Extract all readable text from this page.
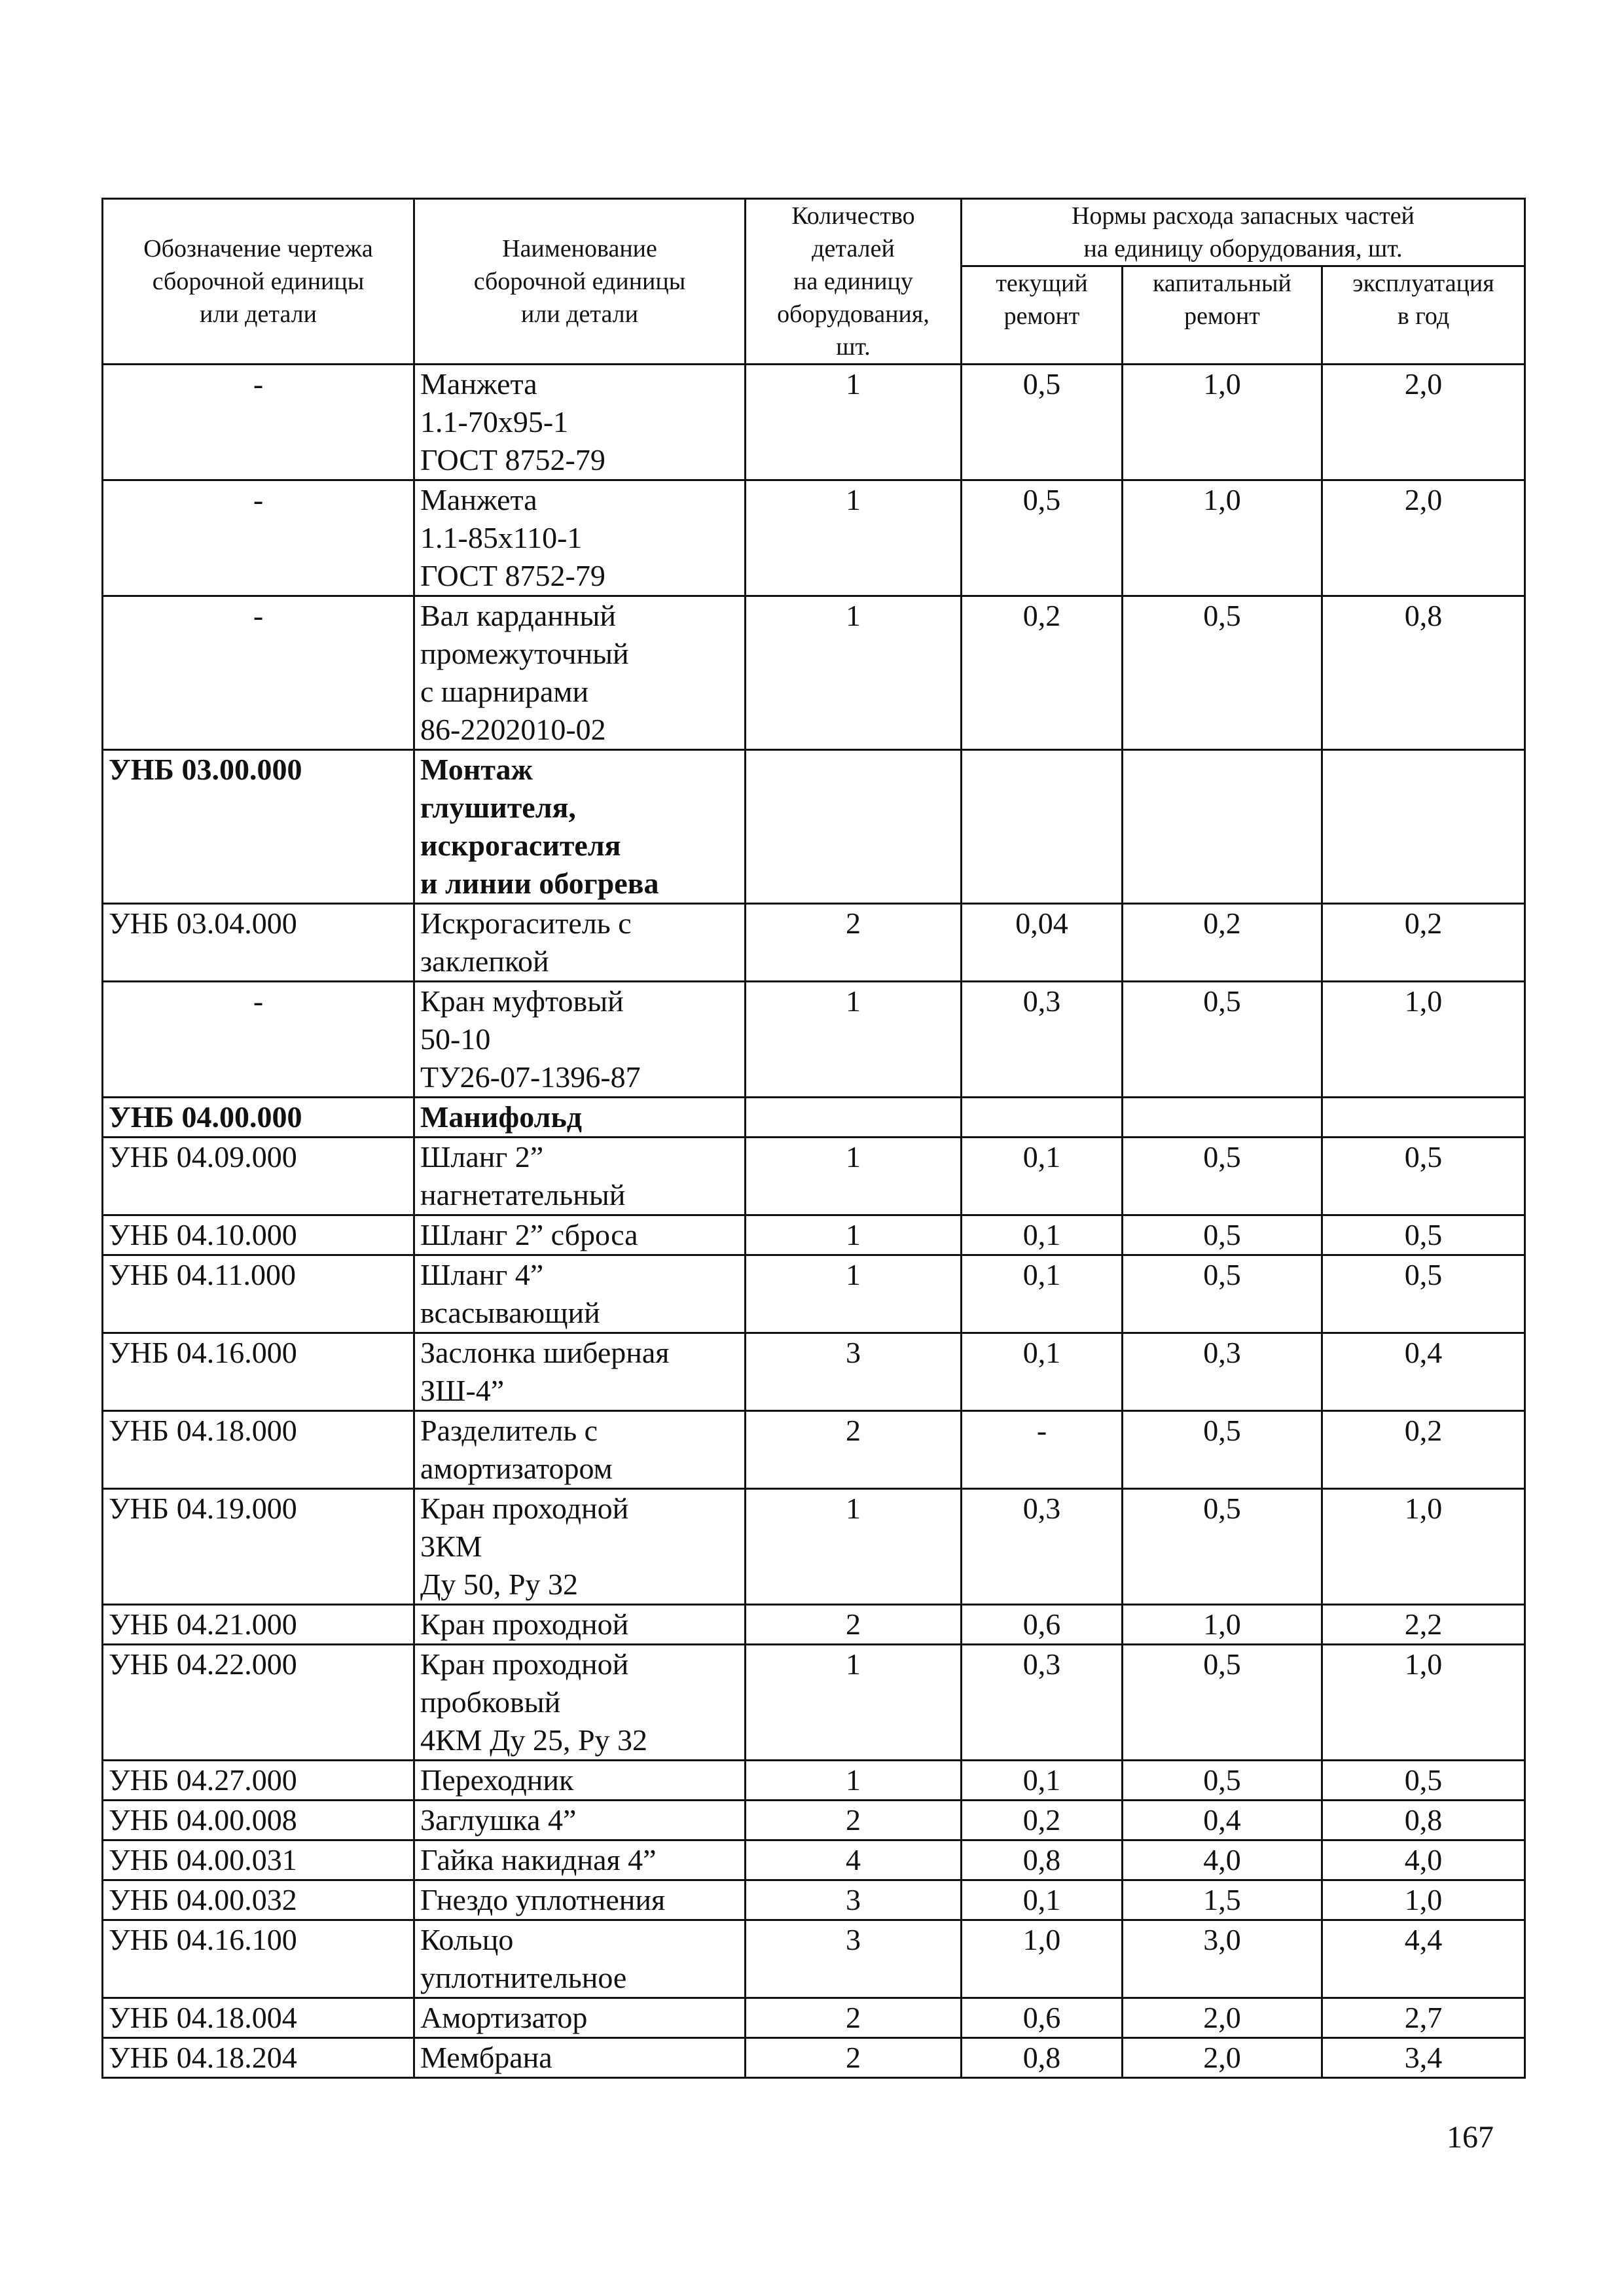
Обозначение чертежа
сборочной единицы
или детали	Наименование
сборочной единицы
или детали	Количество
деталей
на единицу
оборудования,
шт.	Нормы расхода запасных частей
на единицу оборудования, шт.		
			текущий
ремонт	капитальный
ремонт	эксплуатация
в год
-	Манжета
1.1-70х95-1
ГОСТ 8752-79	1	0,5	1,0	2,0
-	Манжета
1.1-85х110-1
ГОСТ 8752-79	1	0,5	1,0	2,0
-	Вал карданный
промежуточный
с шарнирами
86-2202010-02	1	0,2	0,5	0,8
УНБ 03.00.000	Монтаж
глушителя,
искрогасителя
и линии обогрева				
УНБ 03.04.000	Искрогаситель с
заклепкой	2	0,04	0,2	0,2
-	Кран муфтовый
50-10
ТУ26-07-1396-87	1	0,3	0,5	1,0
УНБ 04.00.000	Манифольд				
УНБ 04.09.000	Шланг 2”
нагнетательный	1	0,1	0,5	0,5
УНБ 04.10.000	Шланг 2” сброса	1	0,1	0,5	0,5
УНБ 04.11.000	Шланг 4”
всасывающий	1	0,1	0,5	0,5
УНБ 04.16.000	Заслонка шиберная
ЗШ-4”	3	0,1	0,3	0,4
УНБ 04.18.000	Разделитель с
амортизатором	2	-	0,5	0,2
УНБ 04.19.000	Кран проходной
3КМ
Ду 50, Ру 32	1	0,3	0,5	1,0
УНБ 04.21.000	Кран проходной	2	0,6	1,0	2,2
УНБ 04.22.000	Кран проходной
пробковый
4КМ Ду 25, Ру 32	1	0,3	0,5	1,0
УНБ 04.27.000	Переходник	1	0,1	0,5	0,5
УНБ 04.00.008	Заглушка 4”	2	0,2	0,4	0,8
УНБ 04.00.031	Гайка накидная 4”	4	0,8	4,0	4,0
УНБ 04.00.032	Гнездо уплотнения	3	0,1	1,5	1,0
УНБ 04.16.100	Кольцо
уплотнительное	3	1,0	3,0	4,4
УНБ 04.18.004	Амортизатор	2	0,6	2,0	2,7
УНБ 04.18.204	Мембрана	2	0,8	2,0	3,4
167
